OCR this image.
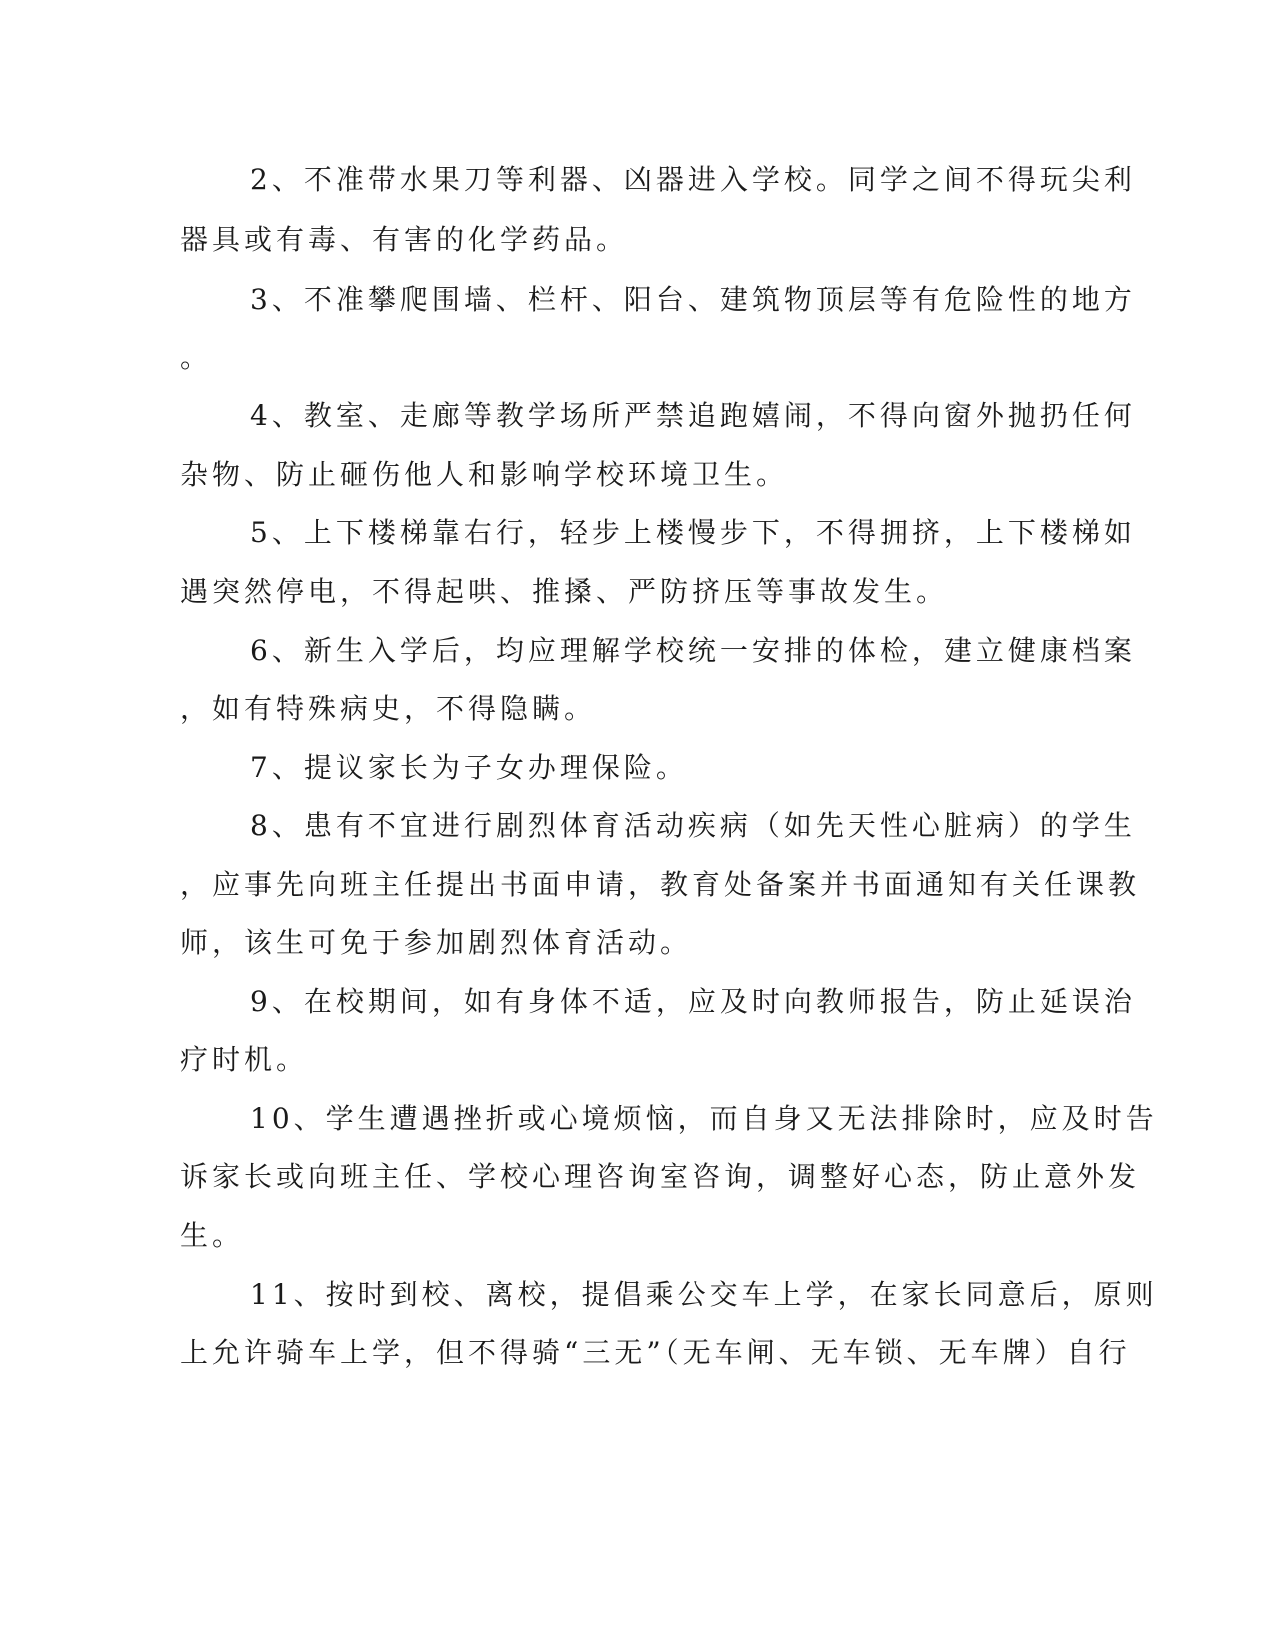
2、不准带水果刀等利器、凶器进入学校。同学之间不得玩尖利
器具或有毒、有害的化学药品。
3、不准攀爬围墙、栏杆、阳台、建筑物顶层等有危险性的地方
。
4、教室、走廊等教学场所严禁追跑嬉闹，不得向窗外抛扔任何
杂物、防止砸伤他人和影响学校环境卫生。
5、上下楼梯靠右行，轻步上楼慢步下，不得拥挤，上下楼梯如
遇突然停电，不得起哄、推搡、严防挤压等事故发生。
6、新生入学后，均应理解学校统一安排的体检，建立健康档案
，如有特殊病史，不得隐瞒。
7、提议家长为子女办理保险。
8、患有不宜进行剧烈体育活动疾病（如先天性心脏病）的学生
，应事先向班主任提出书面申请，教育处备案并书面通知有关任课教
师，该生可免于参加剧烈体育活动。
9、在校期间，如有身体不适，应及时向教师报告，防止延误治
疗时机。
10、学生遭遇挫折或心境烦恼，而自身又无法排除时，应及时告
诉家长或向班主任、学校心理咨询室咨询，调整好心态，防止意外发
生。
11、按时到校、离校，提倡乘公交车上学，在家长同意后，原则
上允许骑车上学，但不得骑“三无”（无车闸、无车锁、无车牌）自行
